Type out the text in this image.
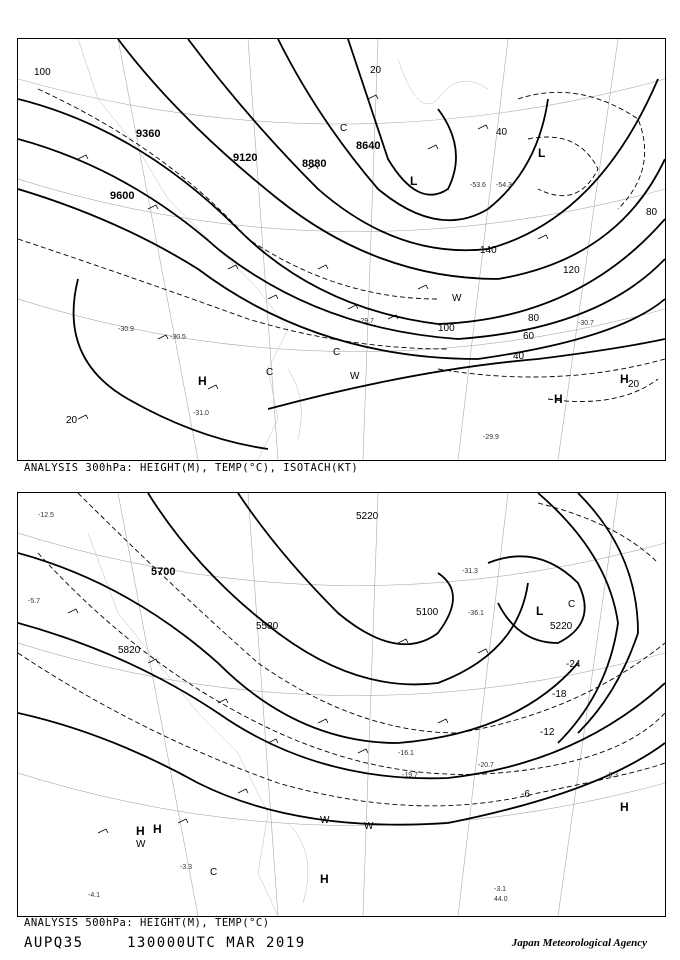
9360
9600
9120	8880
8640
100	20
40
60
80
100
120
140
80
20
40
20
-29.9
-30.5
-30.7
-30.9
-53.6 -54.3
-31.0
-29.7
L
L
H
H
H
W
W
C
C
C
ANALYSIS 300hPa: HEIGHT(M), TEMP(°C), ISOTACH(KT)
5700
5820
5580
5220
5100
5220
-6
-12
-18
-24
-3.1
44.0
-16.1
-19.7
-20.7
-6.3
-31.3
-36.1
-4.1
-3.3
-5.7
-12.5
L
H H
H
H
W
W
W
C
C
ANALYSIS 500hPa: HEIGHT(M), TEMP(°C)
AUPQ35	130000UTC MAR 2019	Japan Meteorological Agency
